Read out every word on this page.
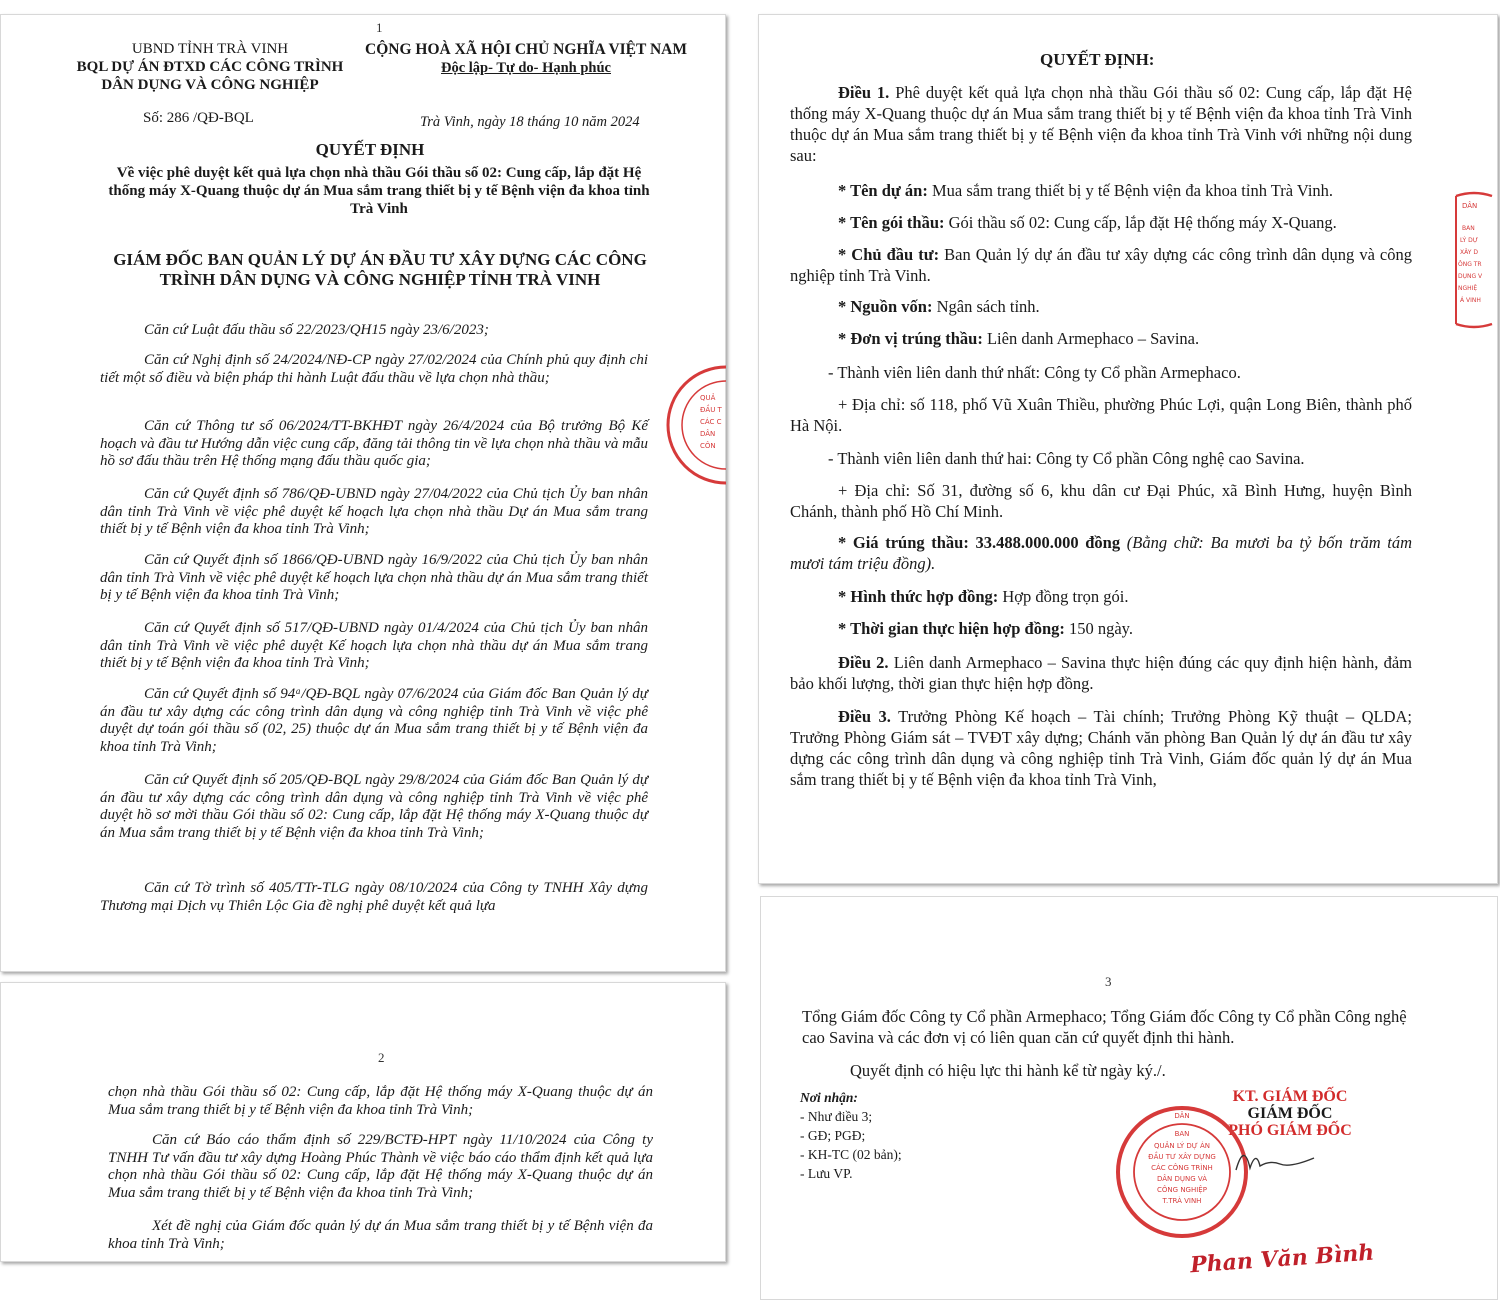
1
UBND TỈNH TRÀ VINH
BQL DỰ ÁN ĐTXD CÁC CÔNG TRÌNH
DÂN DỤNG VÀ CÔNG NGHIỆP
CỘNG HOÀ XÃ HỘI CHỦ NGHĨA VIỆT NAM
Độc lập- Tự do- Hạnh phúc
Số: 286 /QĐ-BQL	Trà Vinh, ngày 18 tháng 10 năm 2024
QUYẾT ĐỊNH
Về việc phê duyệt kết quả lựa chọn nhà thầu Gói thầu số 02: Cung cấp, lắp đặt Hệ thống máy X-Quang thuộc dự án Mua sắm trang thiết bị y tế Bệnh viện đa khoa tỉnh Trà Vinh
GIÁM ĐỐC BAN QUẢN LÝ DỰ ÁN ĐẦU TƯ XÂY DỰNG CÁC CÔNG TRÌNH DÂN DỤNG VÀ CÔNG NGHIỆP TỈNH TRÀ VINH
Căn cứ Luật đấu thầu số 22/2023/QH15 ngày 23/6/2023;
Căn cứ Nghị định số 24/2024/NĐ-CP ngày 27/02/2024 của Chính phủ quy định chi tiết một số điều và biện pháp thi hành Luật đấu thầu về lựa chọn nhà thầu;
Căn cứ Thông tư số 06/2024/TT-BKHĐT ngày 26/4/2024 của Bộ trưởng Bộ Kế hoạch và đầu tư Hướng dẫn việc cung cấp, đăng tải thông tin về lựa chọn nhà thầu và mẫu hồ sơ đấu thầu trên Hệ thống mạng đấu thầu quốc gia;
Căn cứ Quyết định số 786/QĐ-UBND ngày 27/04/2022 của Chủ tịch Ủy ban nhân dân tỉnh Trà Vinh về việc phê duyệt kế hoạch lựa chọn nhà thầu Dự án Mua sắm trang thiết bị y tế Bệnh viện đa khoa tỉnh Trà Vinh;
Căn cứ Quyết định số 1866/QĐ-UBND ngày 16/9/2022 của Chủ tịch Ủy ban nhân dân tỉnh Trà Vinh về việc phê duyệt kế hoạch lựa chọn nhà thầu dự án Mua sắm trang thiết bị y tế Bệnh viện đa khoa tỉnh Trà Vinh;
Căn cứ Quyết định số 517/QĐ-UBND ngày 01/4/2024 của Chủ tịch Ủy ban nhân dân tỉnh Trà Vinh về việc phê duyệt Kế hoạch lựa chọn nhà thầu dự án Mua sắm trang thiết bị y tế Bệnh viện đa khoa tỉnh Trà Vinh;
Căn cứ Quyết định số 94ᵃ/QĐ-BQL ngày 07/6/2024 của Giám đốc Ban Quản lý dự án đầu tư xây dựng các công trình dân dụng và công nghiệp tỉnh Trà Vinh về việc phê duyệt dự toán gói thầu số (02, 25) thuộc dự án Mua sắm trang thiết bị y tế Bệnh viện đa khoa tỉnh Trà Vinh;
Căn cứ Quyết định số 205/QĐ-BQL ngày 29/8/2024 của Giám đốc Ban Quản lý dự án đầu tư xây dựng các công trình dân dụng và công nghiệp tỉnh Trà Vinh về việc phê duyệt hồ sơ mời thầu Gói thầu số 02: Cung cấp, lắp đặt Hệ thống máy X-Quang thuộc dự án Mua sắm trang thiết bị y tế Bệnh viện đa khoa tỉnh Trà Vinh;
Căn cứ Tờ trình số 405/TTr-TLG ngày 08/10/2024 của Công ty TNHH Xây dựng Thương mại Dịch vụ Thiên Lộc Gia đề nghị phê duyệt kết quả lựa
QUẢ
ĐẦU T
CÁC C
DÂN
CÔN
2
chọn nhà thầu Gói thầu số 02: Cung cấp, lắp đặt Hệ thống máy X-Quang thuộc dự án Mua sắm trang thiết bị y tế Bệnh viện đa khoa tỉnh Trà Vinh;
Căn cứ Báo cáo thẩm định số 229/BCTĐ-HPT ngày 11/10/2024 của Công ty TNHH Tư vấn đầu tư xây dựng Hoàng Phúc Thành về việc báo cáo thẩm định kết quả lựa chọn nhà thầu Gói thầu số 02: Cung cấp, lắp đặt Hệ thống máy X-Quang thuộc dự án Mua sắm trang thiết bị y tế Bệnh viện đa khoa tỉnh Trà Vinh;
Xét đề nghị của Giám đốc quản lý dự án Mua sắm trang thiết bị y tế Bệnh viện đa khoa tỉnh Trà Vinh;
QUYẾT ĐỊNH:
Điều 1. Phê duyệt kết quả lựa chọn nhà thầu Gói thầu số 02: Cung cấp, lắp đặt Hệ thống máy X-Quang thuộc dự án Mua sắm trang thiết bị y tế Bệnh viện đa khoa tỉnh Trà Vinh thuộc dự án Mua sắm trang thiết bị y tế Bệnh viện đa khoa tỉnh Trà Vinh với những nội dung sau:
* Tên dự án: Mua sắm trang thiết bị y tế Bệnh viện đa khoa tỉnh Trà Vinh.
* Tên gói thầu: Gói thầu số 02: Cung cấp, lắp đặt Hệ thống máy X-Quang.
* Chủ đầu tư: Ban Quản lý dự án đầu tư xây dựng các công trình dân dụng và công nghiệp tỉnh Trà Vinh.
* Nguồn vốn: Ngân sách tỉnh.
* Đơn vị trúng thầu: Liên danh Armephaco – Savina.
- Thành viên liên danh thứ nhất: Công ty Cổ phần Armephaco.
+ Địa chỉ: số 118, phố Vũ Xuân Thiều, phường Phúc Lợi, quận Long Biên, thành phố Hà Nội.
- Thành viên liên danh thứ hai: Công ty Cổ phần Công nghệ cao Savina.
+ Địa chỉ: Số 31, đường số 6, khu dân cư Đại Phúc, xã Bình Hưng, huyện Bình Chánh, thành phố Hồ Chí Minh.
* Giá trúng thầu: 33.488.000.000 đồng (Bằng chữ: Ba mươi ba tỷ bốn trăm tám mươi tám triệu đồng).
* Hình thức hợp đồng: Hợp đồng trọn gói.
* Thời gian thực hiện hợp đồng: 150 ngày.
Điều 2. Liên danh Armephaco – Savina thực hiện đúng các quy định hiện hành, đảm bảo khối lượng, thời gian thực hiện hợp đồng.
Điều 3. Trưởng Phòng Kế hoạch – Tài chính; Trưởng Phòng Kỹ thuật – QLDA; Trưởng Phòng Giám sát – TVĐT xây dựng; Chánh văn phòng Ban Quản lý dự án đầu tư xây dựng các công trình dân dụng và công nghiệp tỉnh Trà Vinh, Giám đốc quản lý dự án Mua sắm trang thiết bị y tế Bệnh viện đa khoa tỉnh Trà Vinh,
DÂN
BAN
LÝ DỰ
XÂY D
ÔNG TR
DỤNG V
NGHIỆ
Á VINH
3
Tổng Giám đốc Công ty Cổ phần Armephaco; Tổng Giám đốc Công ty Cổ phần Công nghệ cao Savina và các đơn vị có liên quan căn cứ quyết định thi hành.
Quyết định có hiệu lực thi hành kể từ ngày ký./.
Nơi nhận:
- Như điều 3;
- GĐ; PGĐ;
- KH-TC (02 bản);
- Lưu VP.
KT. GIÁM ĐỐC
GIÁM ĐỐC
PHÓ GIÁM ĐỐC
BAN
QUẢN LÝ DỰ ÁN
ĐẦU TƯ XÂY DỰNG
CÁC CÔNG TRÌNH
DÂN DỤNG VÀ
CÔNG NGHIỆP
T.TRÀ VINH
DÂN
Phan Văn Bình
